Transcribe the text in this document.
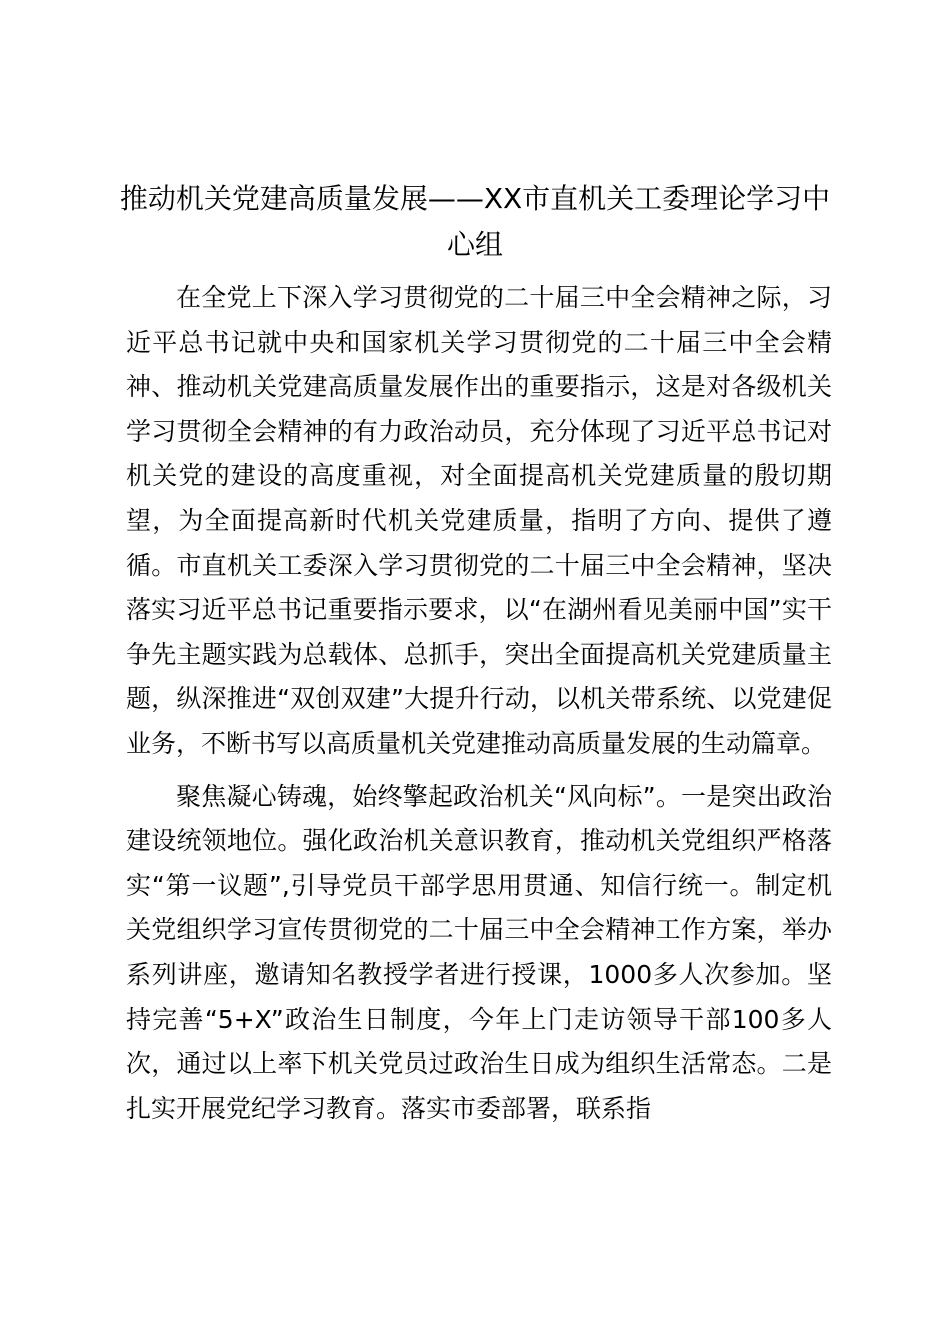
推动机关党建高质量发展——XX市直机关工委理论学习中心组

在全党上下深入学习贯彻党的二十届三中全会精神之际，习近平总书记就中央和国家机关学习贯彻党的二十届三中全会精神、推动机关党建高质量发展作出的重要指示，这是对各级机关学习贯彻全会精神的有力政治动员，充分体现了习近平总书记对机关党的建设的高度重视，对全面提高机关党建质量的殷切期望，为全面提高新时代机关党建质量，指明了方向、提供了遵循。市直机关工委深入学习贯彻党的二十届三中全会精神，坚决落实习近平总书记重要指示要求，以“在湖州看见美丽中国”实干争先主题实践为总载体、总抓手，突出全面提高机关党建质量主题，纵深推进“双创双建”大提升行动，以机关带系统、以党建促业务，不断书写以高质量机关党建推动高质量发展的生动篇章。

聚焦凝心铸魂，始终擎起政治机关“风向标”。一是突出政治建设统领地位。强化政治机关意识教育，推动机关党组织严格落实“第一议题”,引导党员干部学思用贯通、知信行统一。制定机关党组织学习宣传贯彻党的二十届三中全会精神工作方案，举办系列讲座，邀请知名教授学者进行授课，1000多人次参加。坚持完善“5+X”政治生日制度，今年上门走访领导干部100多人次，通过以上率下机关党员过政治生日成为组织生活常态。二是扎实开展党纪学习教育。落实市委部署，联系指
